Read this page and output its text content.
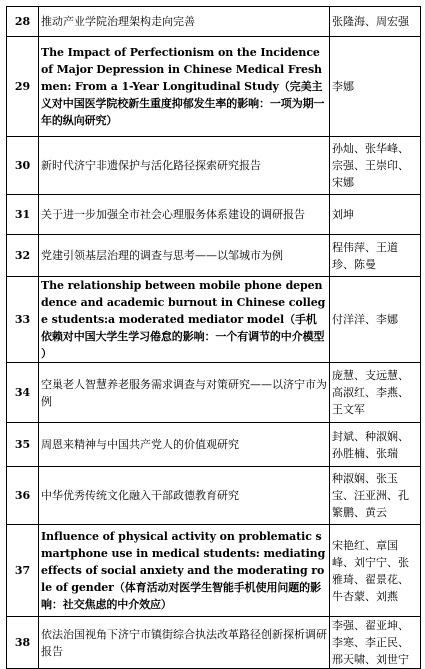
28	推动产业学院治理架构走向完善	张隆海、周宏强
29	The Impact of Perfectionism on the Incidence of Major Depression in Chinese Medical Freshmen: From a 1-Year Longitudinal Study（完美主义对中国医学院校新生重度抑郁发生率的影响：一项为期一年的纵向研究）	李娜
30	新时代济宁非遗保护与活化路径探索研究报告	孙灿、张华峰、宗强、王崇印、宋娜
31	关于进一步加强全市社会心理服务体系建设的调研报告	刘坤
32	党建引领基层治理的调查与思考——以邹城市为例	程伟萍、王道珍、陈曼
33	The relationship between mobile phone dependence and academic burnout in Chinese college students:a moderated mediator model（手机依赖对中国大学生学习倦怠的影响：一个有调节的中介模型 ）	付洋洋、李娜
34	空巢老人智慧养老服务需求调查与对策研究——以济宁市为例	庞慧、支远慧、高淑红、李燕、王文军
35	周恩来精神与中国共产党人的价值观研究	封斌、种淑娴、孙胜楠、张瑞
36	中华优秀传统文化融入干部政德教育研究	种淑娴、张玉宝、汪亚洲、孔繁鹏、黄云
37	Influence of physical activity on problematic smartphone use in medical students: mediating effects of social anxiety and the moderating role of gender（体育活动对医学生智能手机使用问题的影响：社交焦虑的中介效应）	宋艳红、章国峰、刘宁宁、张雅琦、翟景花、牛杏蒙、刘燕
38	依法治国视角下济宁市镇街综合执法改革路径创新探析调研报告	李强、翟亚坤、李寒、李正民、邢天啸、刘世宁
